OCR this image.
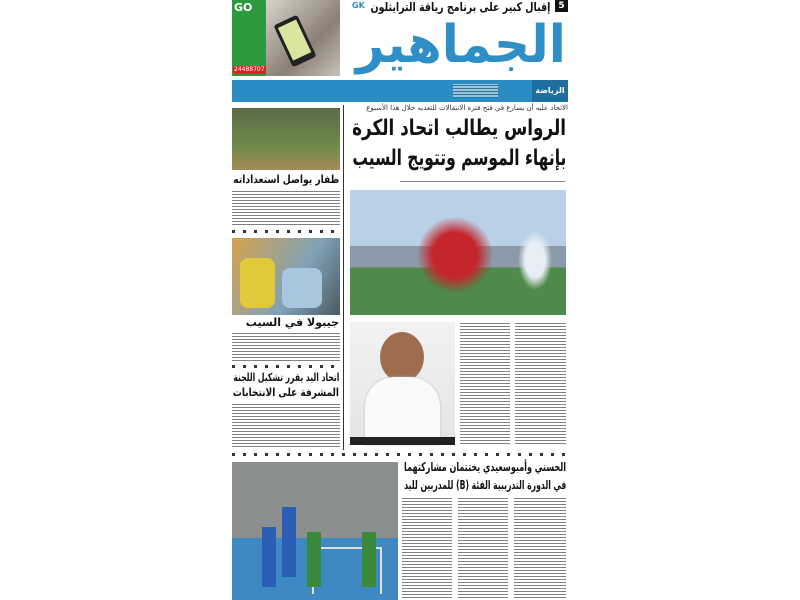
GO
24488707
5
إقبال كبير على برنامج رياقة الترايثلون
GK
الجماهير
الرياضة
الاتحاد عليه أن يسارع في فتح فترة الانتقالات للتعديه خلال هذا الأسبوع
الرواس يطالب اتحاد الكرة
بإنهاء الموسم وتتويج السيب
ظفار يواصل استعداداته
جيبولا في السيب
اتحاد اليد يقرر تشكيل اللجنة
المشرفة على الانتخابات
الحسني وأمبوسعيدي يختتمان مشاركتهما
في الدورة التدريبية الفئة (B) للمدربين لليد
